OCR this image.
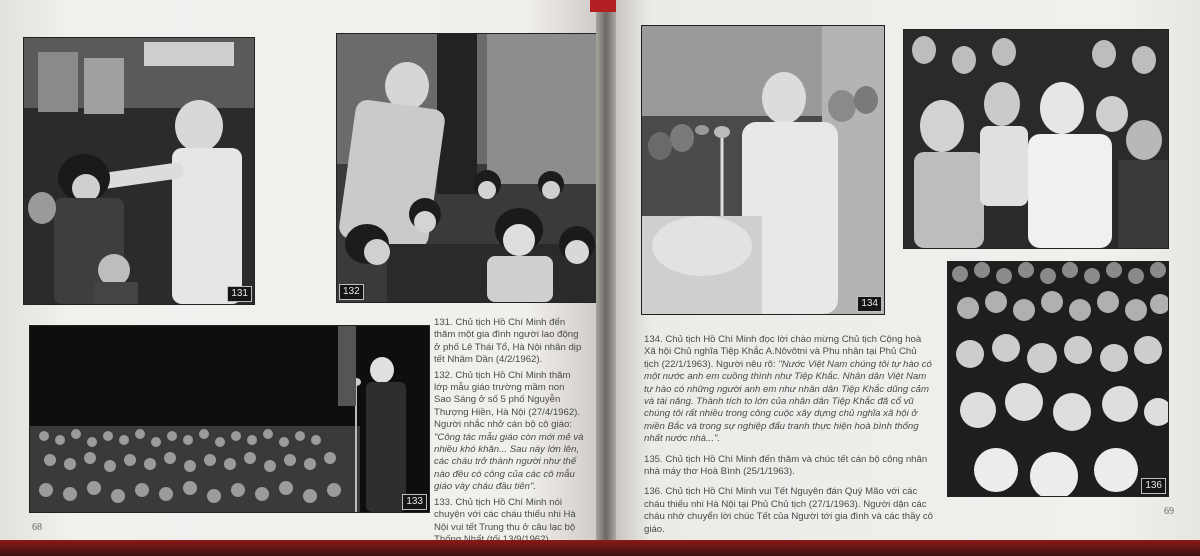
131	132
133

131. Chủ tịch Hồ Chí Minh đến thăm một gia đình người lao động ở phố Lê Thái Tổ, Hà Nội nhân dịp tết Nhâm Dần (4/2/1962).

132. Chủ tịch Hồ Chí Minh thăm lớp mẫu giáo trường mầm non Sao Sáng ở số 5 phố Nguyễn Thượng Hiền, Hà Nội (27/4/1962). Người nhắc nhở cán bộ cô giáo: "Công tác mẫu giáo còn mới mẻ và nhiều khó khăn... Sau này lớn lên, các cháu trở thành người như thế nào đều có công của các cô mẫu giáo vày cháu đầu tiên".

133. Chủ tịch Hồ Chí Minh nói chuyện với các cháu thiếu nhi Hà Nội vui tết Trung thu ở câu lạc bộ

68
134
136

134. Chủ tịch Hồ Chí Minh đọc lời chào mừng Chủ tịch Cộng hoà Xã hội Chủ nghĩa Tiệp Khắc A.Nôvôtni và Phu nhân tại Phủ Chủ tịch (22/1/1963). Người nêu rõ: "Nước Việt Nam chúng tôi tự hào có một nước anh em cuồng thình như Tiệp Khắc. Nhân dân Việt Nam tự hào có những người anh em như nhân dân Tiệp Khắc dũng cảm và tài năng. Thành tích to lớn của nhân dân Tiệp Khắc đã cổ vũ chúng tôi rất nhiều trong công cuộc xây dựng chủ nghĩa xã hội ở miền Bắc và trong sự nghiệp đấu tranh thực hiện hoà bình thống nhất nước nhà...".

135. Chủ tịch Hồ Chí Minh đến thăm và chúc tết cán bộ công nhân nhà máy thơ Hoà Bình (25/1/1963).

136. Chủ tịch Hồ Chí Minh vui Tết Nguyên đán Quý Mão với các cháu thiếu nhi Hà Nội tại Phủ Chủ tịch (27/1/1963). Người dặn các cháu nhớ chuyển lời chúc Tết của Người tới gia đình và các thầy cô giáo.

69
